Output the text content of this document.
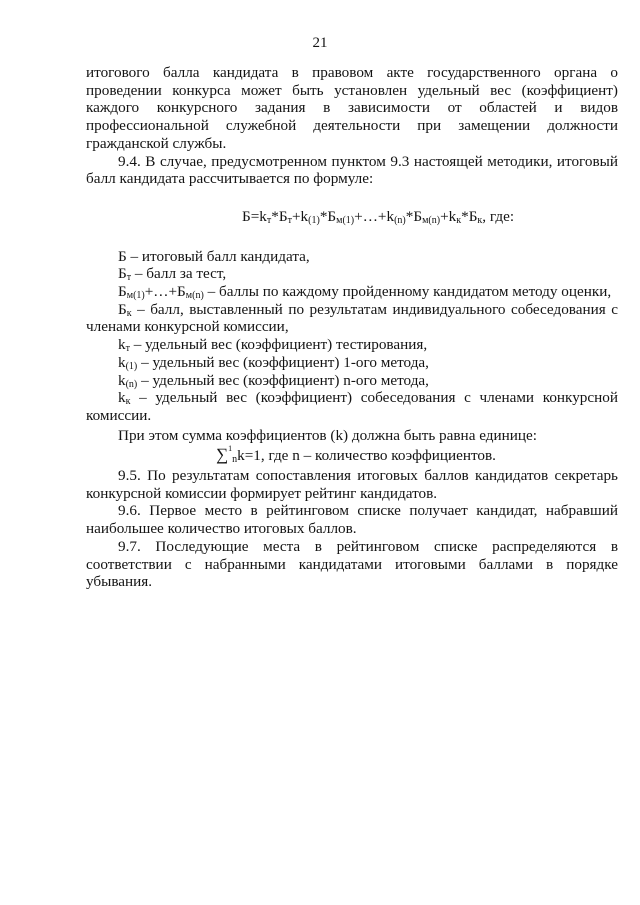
21

итогового балла кандидата в правовом акте государственного органа о проведении конкурса может быть установлен удельный вес (коэффициент) каждого конкурсного задания в зависимости от областей и видов профессиональной служебной деятельности при замещении должности гражданской службы.

9.4. В случае, предусмотренном пунктом 9.3 настоящей методики, итоговый балл кандидата рассчитывается по формуле:

$Б=k_т*Б_т+k_{(1)}*Б_{м(1)}+\dots+k_{(n)}*Б_{м(n)}+k_к*Б_к$, где:

Б – итоговый балл кандидата,

$Б_т$ – балл за тест,

$Б_{м(1)}+\dots+Б_{м(n)}$ – баллы по каждому пройденному кандидатом методу оценки,

$Б_к$ – балл, выставленный по результатам индивидуального собеседования с членами конкурсной комиссии,

$k_т$ – удельный вес (коэффициент) тестирования,

$k_{(1)}$ – удельный вес (коэффициент) 1-ого метода,

$k_{(n)}$ – удельный вес (коэффициент) n-ого метода,

$k_к$ – удельный вес (коэффициент) собеседования с членами конкурсной комиссии.

При этом сумма коэффициентов (k) должна быть равна единице:

∑$^1_n$k=1, где n – количество коэффициентов.

9.5. По результатам сопоставления итоговых баллов кандидатов секретарь конкурсной комиссии формирует рейтинг кандидатов.

9.6. Первое место в рейтинговом списке получает кандидат, набравший наибольшее количество итоговых баллов.

9.7. Последующие места в рейтинговом списке распределяются в соответствии с набранными кандидатами итоговыми баллами в порядке убывания.
